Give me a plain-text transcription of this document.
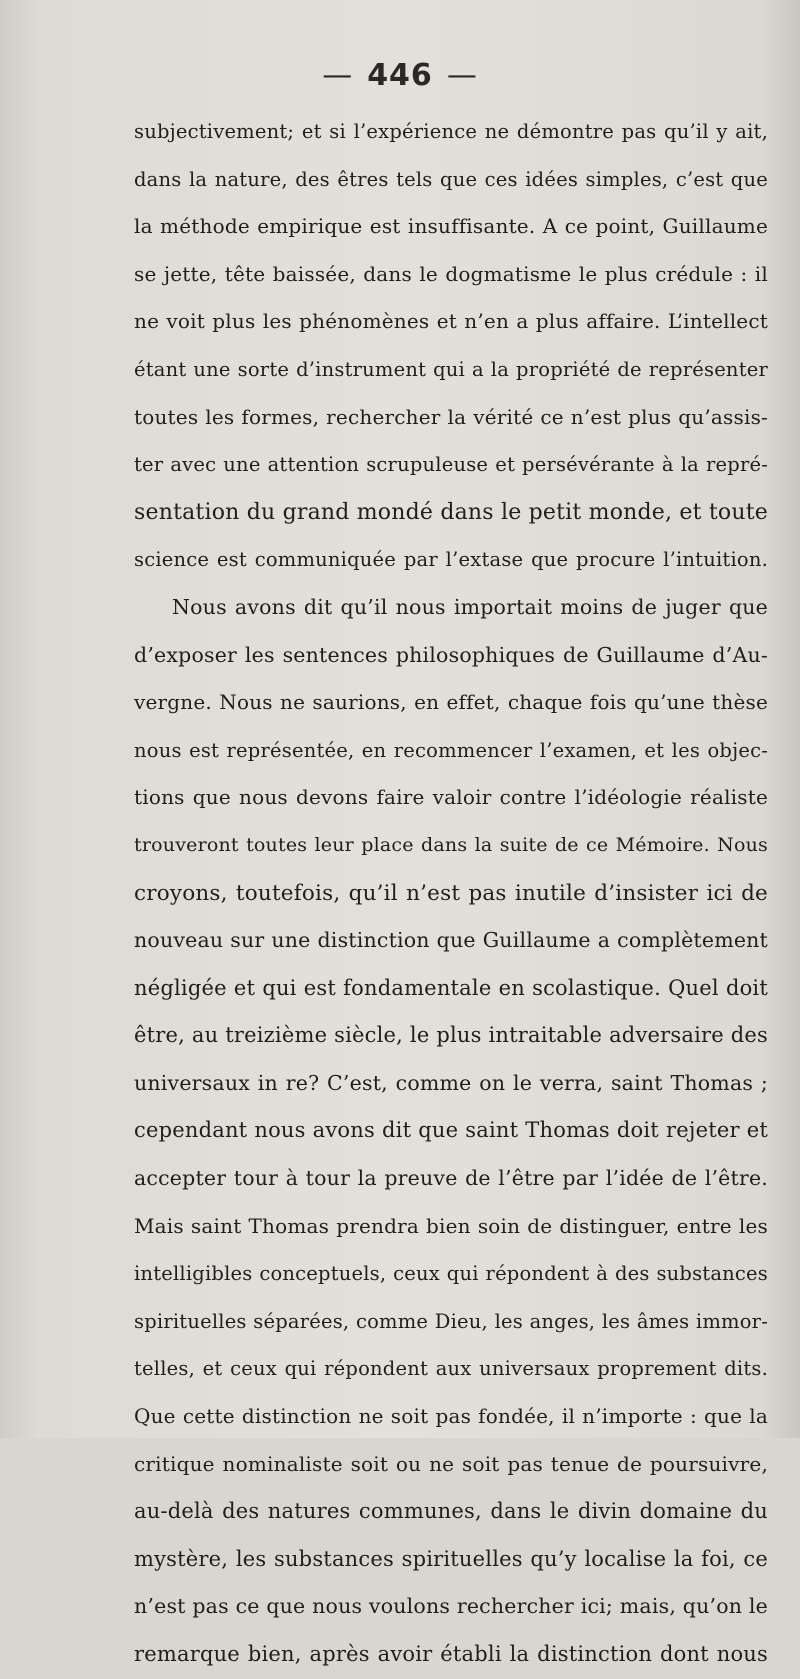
— 446 —
subjectivement; et si l’expérience ne démontre pas qu’il y ait,
dans la nature, des êtres tels que ces idées simples, c’est que
la méthode empirique est insuffisante. A ce point, Guillaume
se jette, tête baissée, dans le dogmatisme le plus crédule : il
ne voit plus les phénomènes et n’en a plus affaire. L’intellect
étant une sorte d’instrument qui a la propriété de représenter
toutes les formes, rechercher la vérité ce n’est plus qu’assis-
ter avec une attention scrupuleuse et persévérante à la repré-
sentation du grand mondé dans le petit monde, et toute
science est communiquée par l’extase que procure l’intuition.
Nous avons dit qu’il nous importait moins de juger que
d’exposer les sentences philosophiques de Guillaume d’Au-
vergne. Nous ne saurions, en effet, chaque fois qu’une thèse
nous est représentée, en recommencer l’examen, et les objec-
tions que nous devons faire valoir contre l’idéologie réaliste
trouveront toutes leur place dans la suite de ce Mémoire. Nous
croyons, toutefois, qu’il n’est pas inutile d’insister ici de
nouveau sur une distinction que Guillaume a complètement
négligée et qui est fondamentale en scolastique. Quel doit
être, au treizième siècle, le plus intraitable adversaire des
universaux in re? C’est, comme on le verra, saint Thomas ;
cependant nous avons dit que saint Thomas doit rejeter et
accepter tour à tour la preuve de l’être par l’idée de l’être.
Mais saint Thomas prendra bien soin de distinguer, entre les
intelligibles conceptuels, ceux qui répondent à des substances
spirituelles séparées, comme Dieu, les anges, les âmes immor-
telles, et ceux qui répondent aux universaux proprement dits.
Que cette distinction ne soit pas fondée, il n’importe : que la
critique nominaliste soit ou ne soit pas tenue de poursuivre,
au-delà des natures communes, dans le divin domaine du
mystère, les substances spirituelles qu’y localise la foi, ce
n’est pas ce que nous voulons rechercher ici; mais, qu’on le
remarque bien, après avoir établi la distinction dont nous
